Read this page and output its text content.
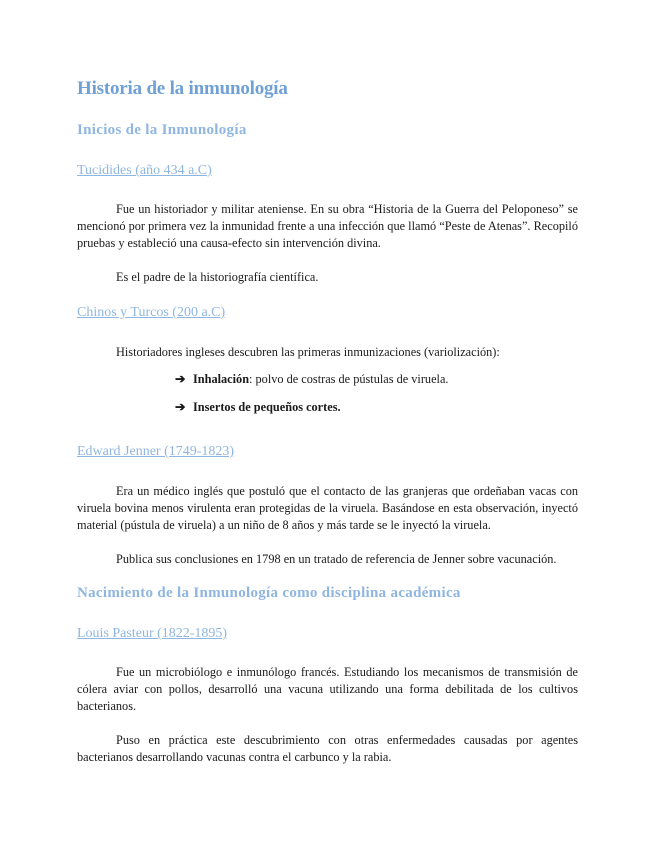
Historia de la inmunología
Inicios de la Inmunología
Tucidides (año 434 a.C)

Fue un historiador y militar ateniense. En su obra “Historia de la Guerra del Peloponeso” se mencionó por primera vez la inmunidad frente a una infección que llamó “Peste de Atenas”. Recopiló pruebas y estableció una causa-efecto sin intervención divina.

Es el padre de la historiografía científica.

Chinos y Turcos (200 a.C)

Historiadores ingleses descubren las primeras inmunizaciones (variolización):

➔ Inhalación: polvo de costras de pústulas de viruela.
➔ Insertos de pequeños cortes.
Edward Jenner (1749-1823)

Era un médico inglés que postuló que el contacto de las granjeras que ordeñaban vacas con viruela bovina menos virulenta eran protegidas de la viruela. Basándose en esta observación, inyectó material (pústula de viruela) a un niño de 8 años y más tarde se le inyectó la viruela.

Publica sus conclusiones en 1798 en un tratado de referencia de Jenner sobre vacunación.

Nacimiento de la Inmunología como disciplina académica
Louis Pasteur (1822-1895)

Fue un microbiólogo e inmunólogo francés. Estudiando los mecanismos de transmisión de cólera aviar con pollos, desarrolló una vacuna utilizando una forma debilitada de los cultivos bacterianos.

Puso en práctica este descubrimiento con otras enfermedades causadas por agentes bacterianos desarrollando vacunas contra el carbunco y la rabia.
